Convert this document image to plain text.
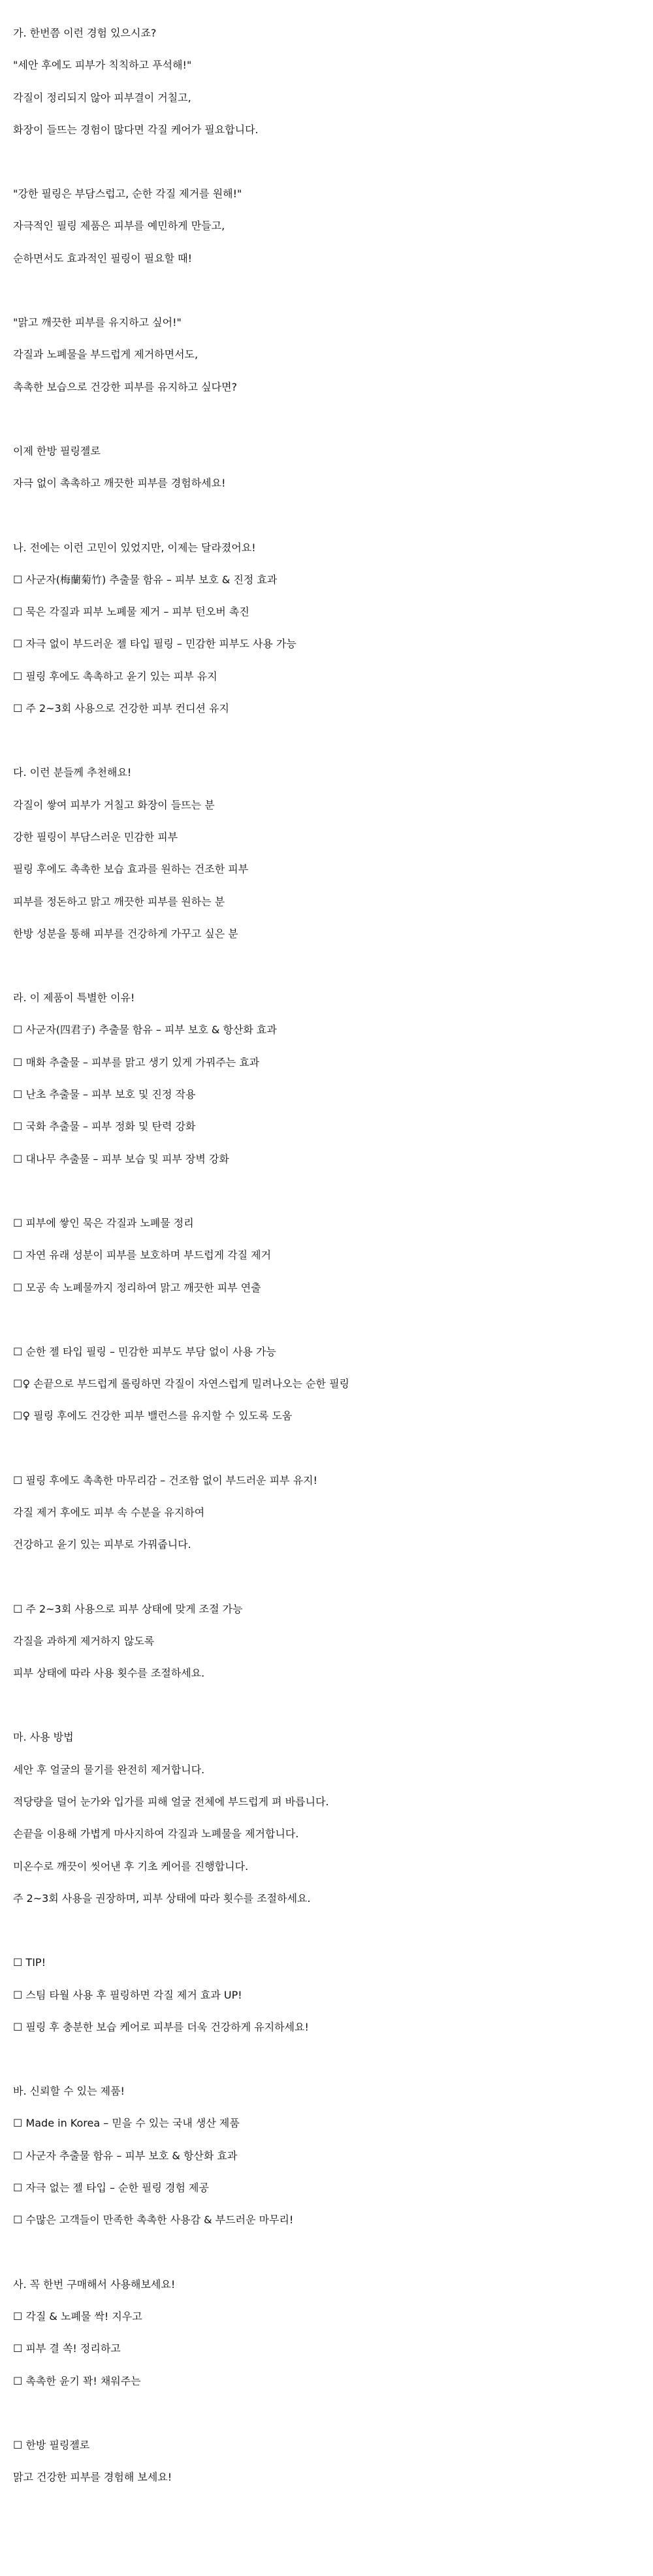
가. 한번쯤 이런 경험 있으시죠?

"세안 후에도 피부가 칙칙하고 푸석해!"

각질이 정리되지 않아 피부결이 거칠고,

화장이 들뜨는 경험이 많다면 각질 케어가 필요합니다.

"강한 필링은 부담스럽고, 순한 각질 제거를 원해!"

자극적인 필링 제품은 피부를 예민하게 만들고,

순하면서도 효과적인 필링이 필요할 때!

"맑고 깨끗한 피부를 유지하고 싶어!"

각질과 노폐물을 부드럽게 제거하면서도,

촉촉한 보습으로 건강한 피부를 유지하고 싶다면?

이제 한방 필링젤로

자극 없이 촉촉하고 깨끗한 피부를 경험하세요!

나. 전에는 이런 고민이 있었지만, 이제는 달라졌어요!

☐ 사군자(梅蘭菊竹) 추출물 함유 – 피부 보호 & 진정 효과

☐ 묵은 각질과 피부 노폐물 제거 – 피부 턴오버 촉진

☐ 자극 없이 부드러운 젤 타입 필링 – 민감한 피부도 사용 가능

☐ 필링 후에도 촉촉하고 윤기 있는 피부 유지

☐ 주 2~3회 사용으로 건강한 피부 컨디션 유지

다. 이런 분들께 추천해요!

각질이 쌓여 피부가 거칠고 화장이 들뜨는 분

강한 필링이 부담스러운 민감한 피부

필링 후에도 촉촉한 보습 효과를 원하는 건조한 피부

피부를 정돈하고 맑고 깨끗한 피부를 원하는 분

한방 성분을 통해 피부를 건강하게 가꾸고 싶은 분

라. 이 제품이 특별한 이유!

☐ 사군자(四君子) 추출물 함유 – 피부 보호 & 항산화 효과

☐ 매화 추출물 – 피부를 맑고 생기 있게 가꿔주는 효과

☐ 난초 추출물 – 피부 보호 및 진정 작용

☐ 국화 추출물 – 피부 정화 및 탄력 강화

☐ 대나무 추출물 – 피부 보습 및 피부 장벽 강화

☐ 피부에 쌓인 묵은 각질과 노폐물 정리

☐ 자연 유래 성분이 피부를 보호하며 부드럽게 각질 제거

☐ 모공 속 노폐물까지 정리하여 맑고 깨끗한 피부 연출

☐ 순한 젤 타입 필링 – 민감한 피부도 부담 없이 사용 가능

☐♀ 손끝으로 부드럽게 롤링하면 각질이 자연스럽게 밀려나오는 순한 필링

☐♀ 필링 후에도 건강한 피부 밸런스를 유지할 수 있도록 도움

☐ 필링 후에도 촉촉한 마무리감 – 건조함 없이 부드러운 피부 유지!

각질 제거 후에도 피부 속 수분을 유지하여

건강하고 윤기 있는 피부로 가꿔줍니다.

☐ 주 2~3회 사용으로 피부 상태에 맞게 조절 가능

각질을 과하게 제거하지 않도록

피부 상태에 따라 사용 횟수를 조절하세요.

마. 사용 방법

세안 후 얼굴의 물기를 완전히 제거합니다.

적당량을 덜어 눈가와 입가를 피해 얼굴 전체에 부드럽게 펴 바릅니다.

손끝을 이용해 가볍게 마사지하여 각질과 노폐물을 제거합니다.

미온수로 깨끗이 씻어낸 후 기초 케어를 진행합니다.

주 2~3회 사용을 권장하며, 피부 상태에 따라 횟수를 조절하세요.

☐ TIP!

☐ 스팀 타월 사용 후 필링하면 각질 제거 효과 UP!

☐ 필링 후 충분한 보습 케어로 피부를 더욱 건강하게 유지하세요!

바. 신뢰할 수 있는 제품!

☐ Made in Korea – 믿을 수 있는 국내 생산 제품

☐ 사군자 추출물 함유 – 피부 보호 & 항산화 효과

☐ 자극 없는 젤 타입 – 순한 필링 경험 제공

☐ 수많은 고객들이 만족한 촉촉한 사용감 & 부드러운 마무리!

사. 꼭 한번 구매해서 사용해보세요!

☐ 각질 & 노폐물 싹! 지우고

☐ 피부 결 쏙! 정리하고

☐ 촉촉한 윤기 꽉! 채워주는

☐ 한방 필링젤로

맑고 건강한 피부를 경험해 보세요!
